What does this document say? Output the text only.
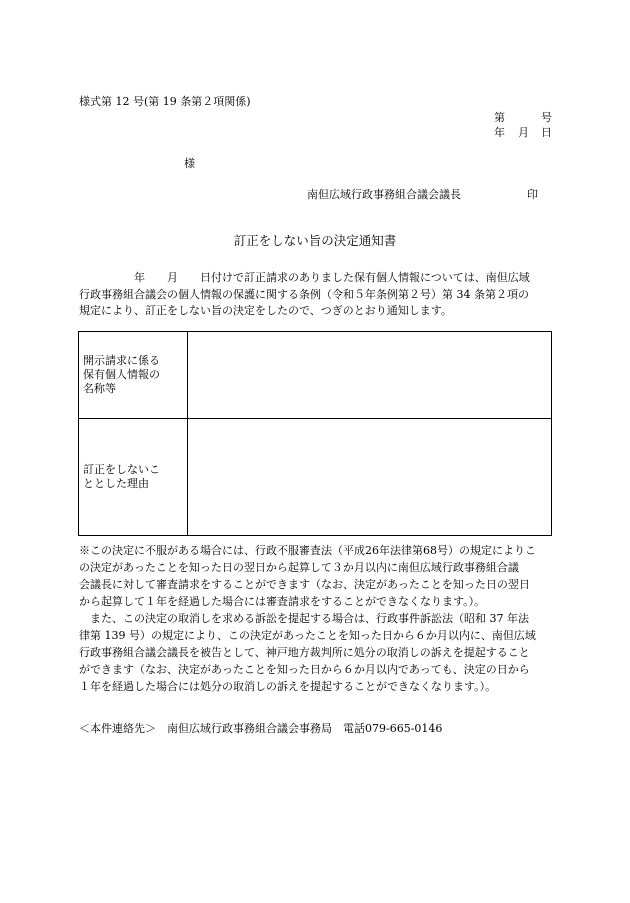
様式第 12 号(第 19 条第２項関係)
第	号
年 月 日
様
南但広域行政事務組合議会議長	印
訂正をしない旨の決定通知書

　　　　　年　　月　　日付けで訂正請求のありました保有個人情報については、南但広域

行政事務組合議会の個人情報の保護に関する条例（令和５年条例第２号）第 34 条第２項の

規定により、訂正をしない旨の決定をしたので、つぎのとおり通知します。

開示請求に係る
保有個人情報の
名称等	

訂正をしないこ
ととした理由	

※この決定に不服がある場合には、行政不服審査法（平成26年法律第68号）の規定によりこ

の決定があったことを知った日の翌日から起算して３か月以内に南但広域行政事務組合議

会議長に対して審査請求をすることができます（なお、決定があったことを知った日の翌日

から起算して１年を経過した場合には審査請求をすることができなくなります。）。

　また、この決定の取消しを求める訴訟を提起する場合は、行政事件訴訟法（昭和 37 年法

律第 139 号）の規定により、この決定があったことを知った日から６か月以内に、南但広域

行政事務組合議会議長を被告として、神戸地方裁判所に処分の取消しの訴えを提起すること

ができます（なお、決定があったことを知った日から６か月以内であっても、決定の日から

１年を経過した場合には処分の取消しの訴えを提起することができなくなります。）。

＜本件連絡先＞　南但広域行政事務組合議会事務局　電話079-665-0146
